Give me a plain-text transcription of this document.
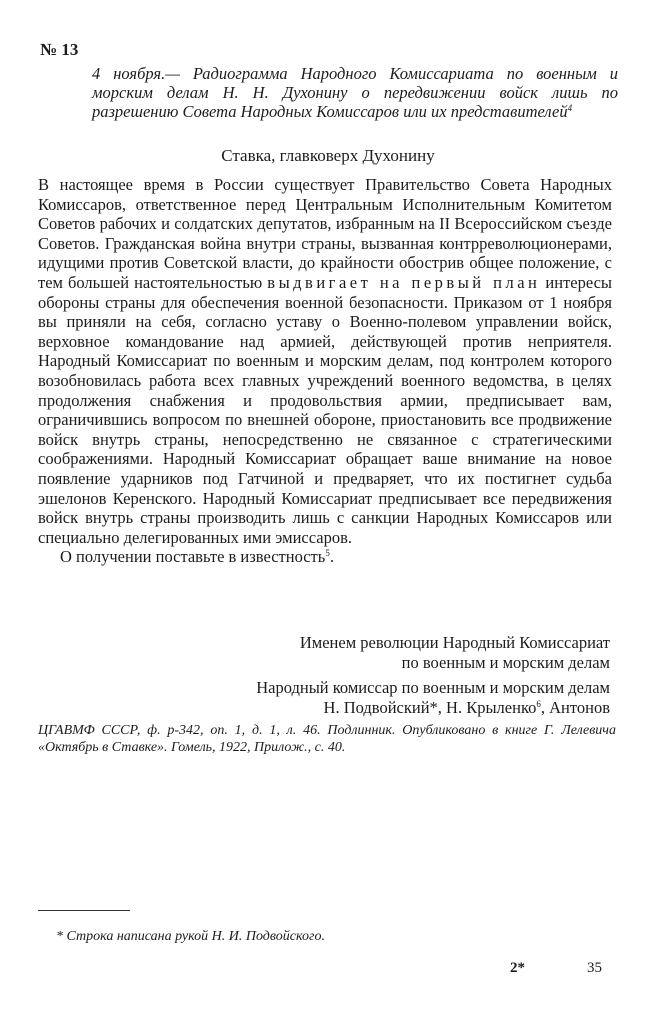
№ 13
4 ноября.— Радиограмма Народного Комиссариата по военным и морским делам Н. Н. Духонину о передвижении войск лишь по разрешению Совета Народных Комиссаров или их представителей$^4$
Ставка, главковерх Духонину

В настоящее время в России существует Правительство Совета Народных Комиссаров, ответственное перед Центральным Исполнительным Комитетом Советов рабочих и солдатских депутатов, избранным на II Всероссийском съезде Советов. Гражданская война внутри страны, вызванная контрреволюционерами, идущими против Советской власти, до крайности обострив общее положение, с тем большей настоятельностью выдвигает на первый план интересы обороны страны для обеспечения военной безопасности. Приказом от 1 ноября вы приняли на себя, согласно уставу о Военно-полевом управлении войск, верховное командование над армией, действующей против неприятеля. Народный Комиссариат по военным и морским делам, под контролем которого возобновилась работа всех главных учреждений военного ведомства, в целях продолжения снабжения и продовольствия армии, предписывает вам, ограничившись вопросом по внешней обороне, приостановить все продвижение войск внутрь страны, непосредственно не связанное с стратегическими соображениями. Народный Комиссариат обращает ваше внимание на новое появление ударников под Гатчиной и предваряет, что их постигнет судьба эшелонов Керенского. Народный Комиссариат предписывает все передвижения войск внутрь страны производить лишь с санкции Народных Комиссаров или специально делегированных ими эмиссаров.

О получении поставьте в известность$^5$.

Именем революции Народный Комиссариат
по военным и морским делам
Народный комиссар по военным и морским делам
Н. Подвойский*, Н. Крыленко$^6$, Антонов
ЦГАВМФ СССР, ф. р-342, оп. 1, д. 1, л. 46. Подлинник. Опубликовано в книге Г. Лелевича «Октябрь в Ставке». Гомель, 1922, Прилож., с. 40.
* Строка написана рукой Н. И. Подвойского.
2*	35
